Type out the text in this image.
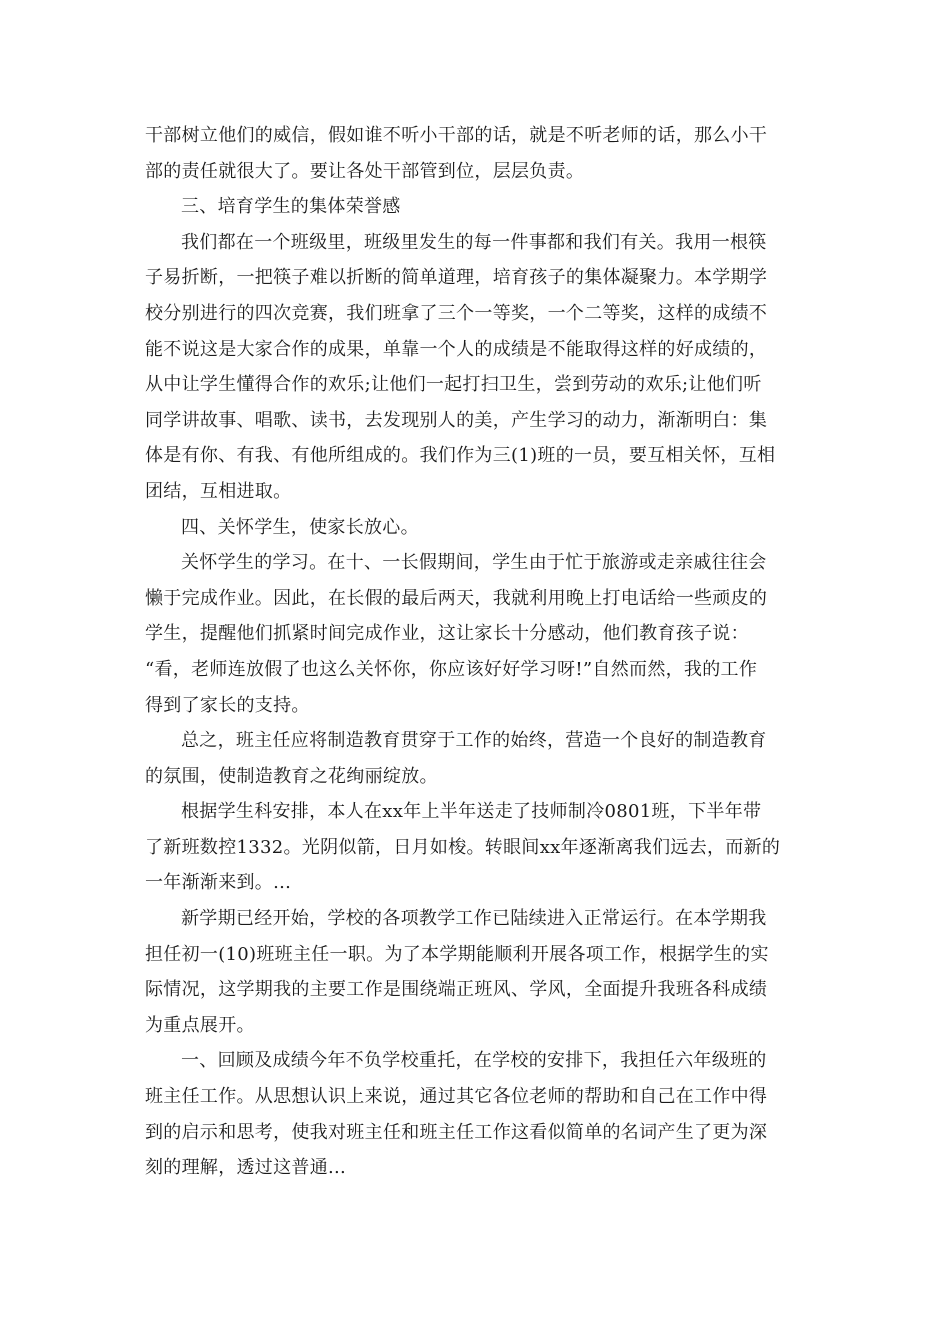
干部树立他们的威信，假如谁不听小干部的话，就是不听老师的话，那么小干
部的责任就很大了。要让各处干部管到位，层层负责。

三、培育学生的集体荣誉感

我们都在一个班级里，班级里发生的每一件事都和我们有关。我用一根筷
子易折断，一把筷子难以折断的简单道理，培育孩子的集体凝聚力。本学期学
校分别进行的四次竞赛，我们班拿了三个一等奖，一个二等奖，这样的成绩不
能不说这是大家合作的成果，单靠一个人的成绩是不能取得这样的好成绩的，
从中让学生懂得合作的欢乐;让他们一起打扫卫生，尝到劳动的欢乐;让他们听
同学讲故事、唱歌、读书，去发现别人的美，产生学习的动力，渐渐明白：集
体是有你、有我、有他所组成的。我们作为三(1)班的一员，要互相关怀，互相
团结，互相进取。

四、关怀学生，使家长放心。

关怀学生的学习。在十、一长假期间，学生由于忙于旅游或走亲戚往往会
懒于完成作业。因此，在长假的最后两天，我就利用晚上打电话给一些顽皮的
学生，提醒他们抓紧时间完成作业，这让家长十分感动，他们教育孩子说：
“看，老师连放假了也这么关怀你，你应该好好学习呀!”自然而然，我的工作
得到了家长的支持。

总之，班主任应将制造教育贯穿于工作的始终，营造一个良好的制造教育
的氛围，使制造教育之花绚丽绽放。

根据学生科安排，本人在xx年上半年送走了技师制冷0801班，下半年带
了新班数控1332。光阴似箭，日月如梭。转眼间xx年逐渐离我们远去，而新的
一年渐渐来到。...

新学期已经开始，学校的各项教学工作已陆续进入正常运行。在本学期我
担任初一(10)班班主任一职。为了本学期能顺利开展各项工作，根据学生的实
际情况，这学期我的主要工作是围绕端正班风、学风，全面提升我班各科成绩
为重点展开。

一、回顾及成绩今年不负学校重托，在学校的安排下，我担任六年级班的
班主任工作。从思想认识上来说，通过其它各位老师的帮助和自己在工作中得
到的启示和思考，使我对班主任和班主任工作这看似简单的名词产生了更为深
刻的理解，透过这普通...
